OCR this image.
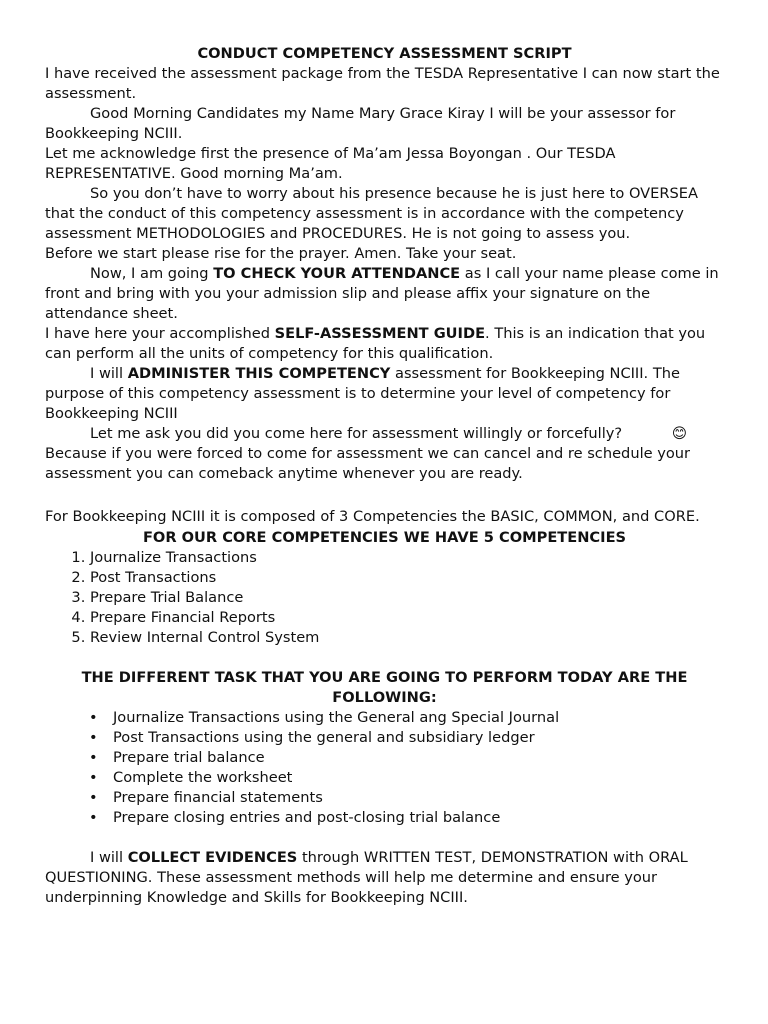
CONDUCT COMPETENCY ASSESSMENT SCRIPT

I have received the assessment package from the TESDA Representative I can now start the assessment.

Good Morning Candidates my Name Mary Grace Kiray I will be your assessor for Bookkeeping NCIII.

Let me acknowledge first the presence of Ma’am Jessa Boyongan . Our TESDA REPRESENTATIVE. Good morning Ma’am.

So you don’t have to worry about his presence because he is just here to OVERSEA that the conduct of this competency assessment is in accordance with the competency assessment METHODOLOGIES and PROCEDURES. He is not going to assess you.

Before we start please rise for the prayer. Amen. Take your seat.

Now, I am going TO CHECK YOUR ATTENDANCE as I call your name please come in front and bring with you your admission slip and please affix your signature on the attendance sheet.

I have here your accomplished SELF-ASSESSMENT GUIDE. This is an indication that you can perform all the units of competency for this qualification.

I will ADMINISTER THIS COMPETENCY assessment for Bookkeeping NCIII. The purpose of this competency assessment is to determine your level of competency for Bookkeeping NCIII

Let me ask you did you come here for assessment willingly or forcefully?	😊

Because if you were forced to come for assessment we can cancel and re schedule your assessment you can comeback anytime whenever you are ready.

For Bookkeeping NCIII it is composed of 3 Competencies the BASIC, COMMON, and CORE.

FOR OUR CORE COMPETENCIES WE HAVE 5 COMPETENCIES

1. Journalize Transactions
2. Post Transactions
3. Prepare Trial Balance
4. Prepare Financial Reports
5. Review Internal Control System

THE DIFFERENT TASK THAT YOU ARE GOING TO PERFORM TODAY ARE THE FOLLOWING:

• Journalize Transactions using the General ang Special Journal
• Post Transactions using the general and subsidiary ledger
• Prepare trial balance
• Complete the worksheet
• Prepare financial statements
• Prepare closing entries and post-closing trial balance

I will COLLECT EVIDENCES through WRITTEN TEST, DEMONSTRATION with ORAL QUESTIONING. These assessment methods will help me determine and ensure your underpinning Knowledge and Skills for Bookkeeping NCIII.
